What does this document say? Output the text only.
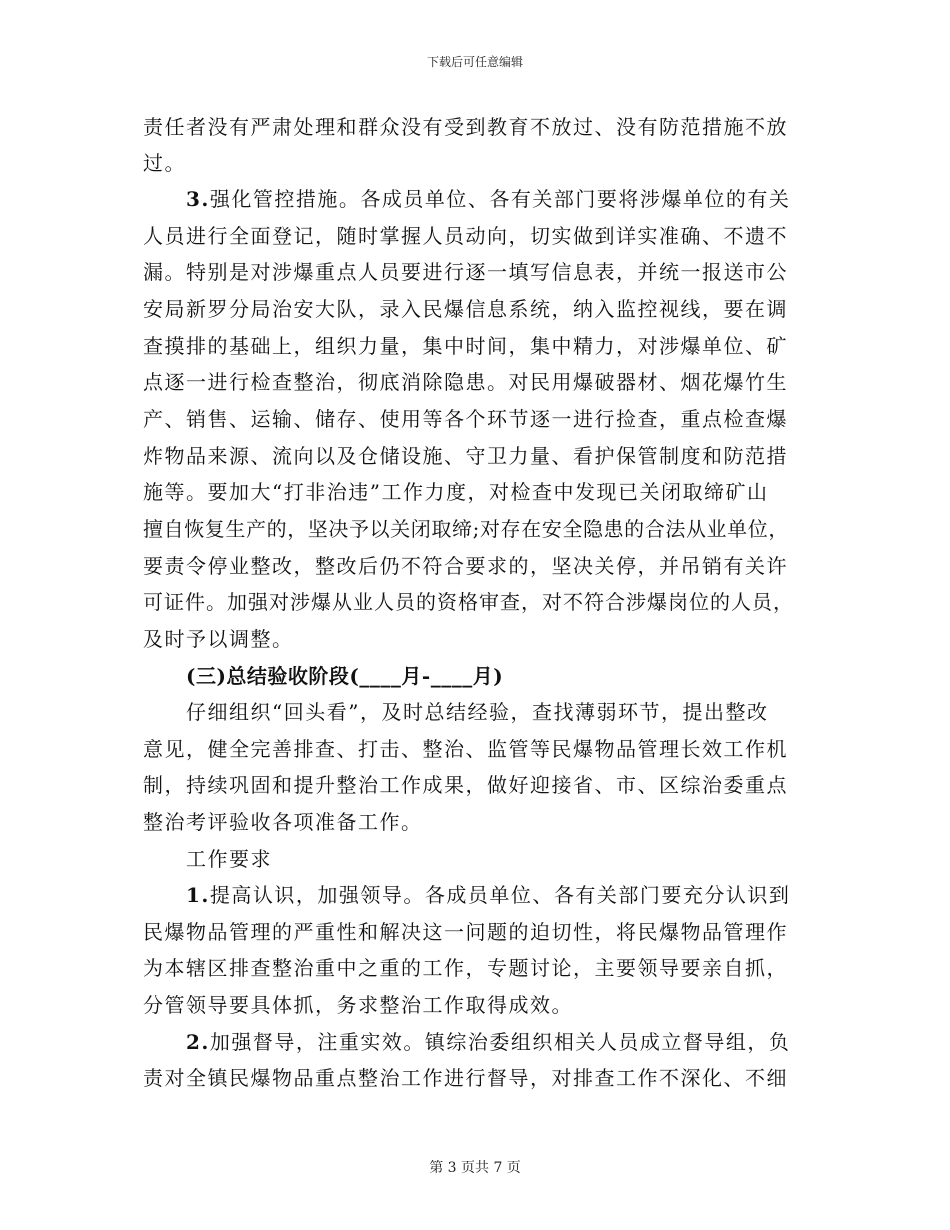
下载后可任意编辑
责任者没有严肃处理和群众没有受到教育不放过、没有防范措施不放
过。
3.强化管控措施。各成员单位、各有关部门要将涉爆单位的有关
人员进行全面登记，随时掌握人员动向，切实做到详实准确、不遗不
漏。特别是对涉爆重点人员要进行逐一填写信息表，并统一报送市公
安局新罗分局治安大队，录入民爆信息系统，纳入监控视线，要在调
查摸排的基础上，组织力量，集中时间，集中精力，对涉爆单位、矿
点逐一进行检查整治，彻底消除隐患。对民用爆破器材、烟花爆竹生
产、销售、运输、储存、使用等各个环节逐一进行捡查，重点检查爆
炸物品来源、流向以及仓储设施、守卫力量、看护保管制度和防范措
施等。要加大“打非治违”工作力度，对检查中发现已关闭取缔矿山
擅自恢复生产的，坚决予以关闭取缔;对存在安全隐患的合法从业单位，
要责令停业整改，整改后仍不符合要求的，坚决关停，并吊销有关许
可证件。加强对涉爆从业人员的资格审查，对不符合涉爆岗位的人员，
及时予以调整。
(三)总结验收阶段(____月-____月)
仔细组织“回头看”，及时总结经验，查找薄弱环节，提出整改
意见，健全完善排查、打击、整治、监管等民爆物品管理长效工作机
制，持续巩固和提升整治工作成果，做好迎接省、市、区综治委重点
整治考评验收各项准备工作。
工作要求
1.提高认识，加强领导。各成员单位、各有关部门要充分认识到
民爆物品管理的严重性和解决这一问题的迫切性，将民爆物品管理作
为本辖区排查整治重中之重的工作，专题讨论，主要领导要亲自抓，
分管领导要具体抓，务求整治工作取得成效。
2.加强督导，注重实效。镇综治委组织相关人员成立督导组，负
责对全镇民爆物品重点整治工作进行督导，对排查工作不深化、不细
第 3 页共 7 页
